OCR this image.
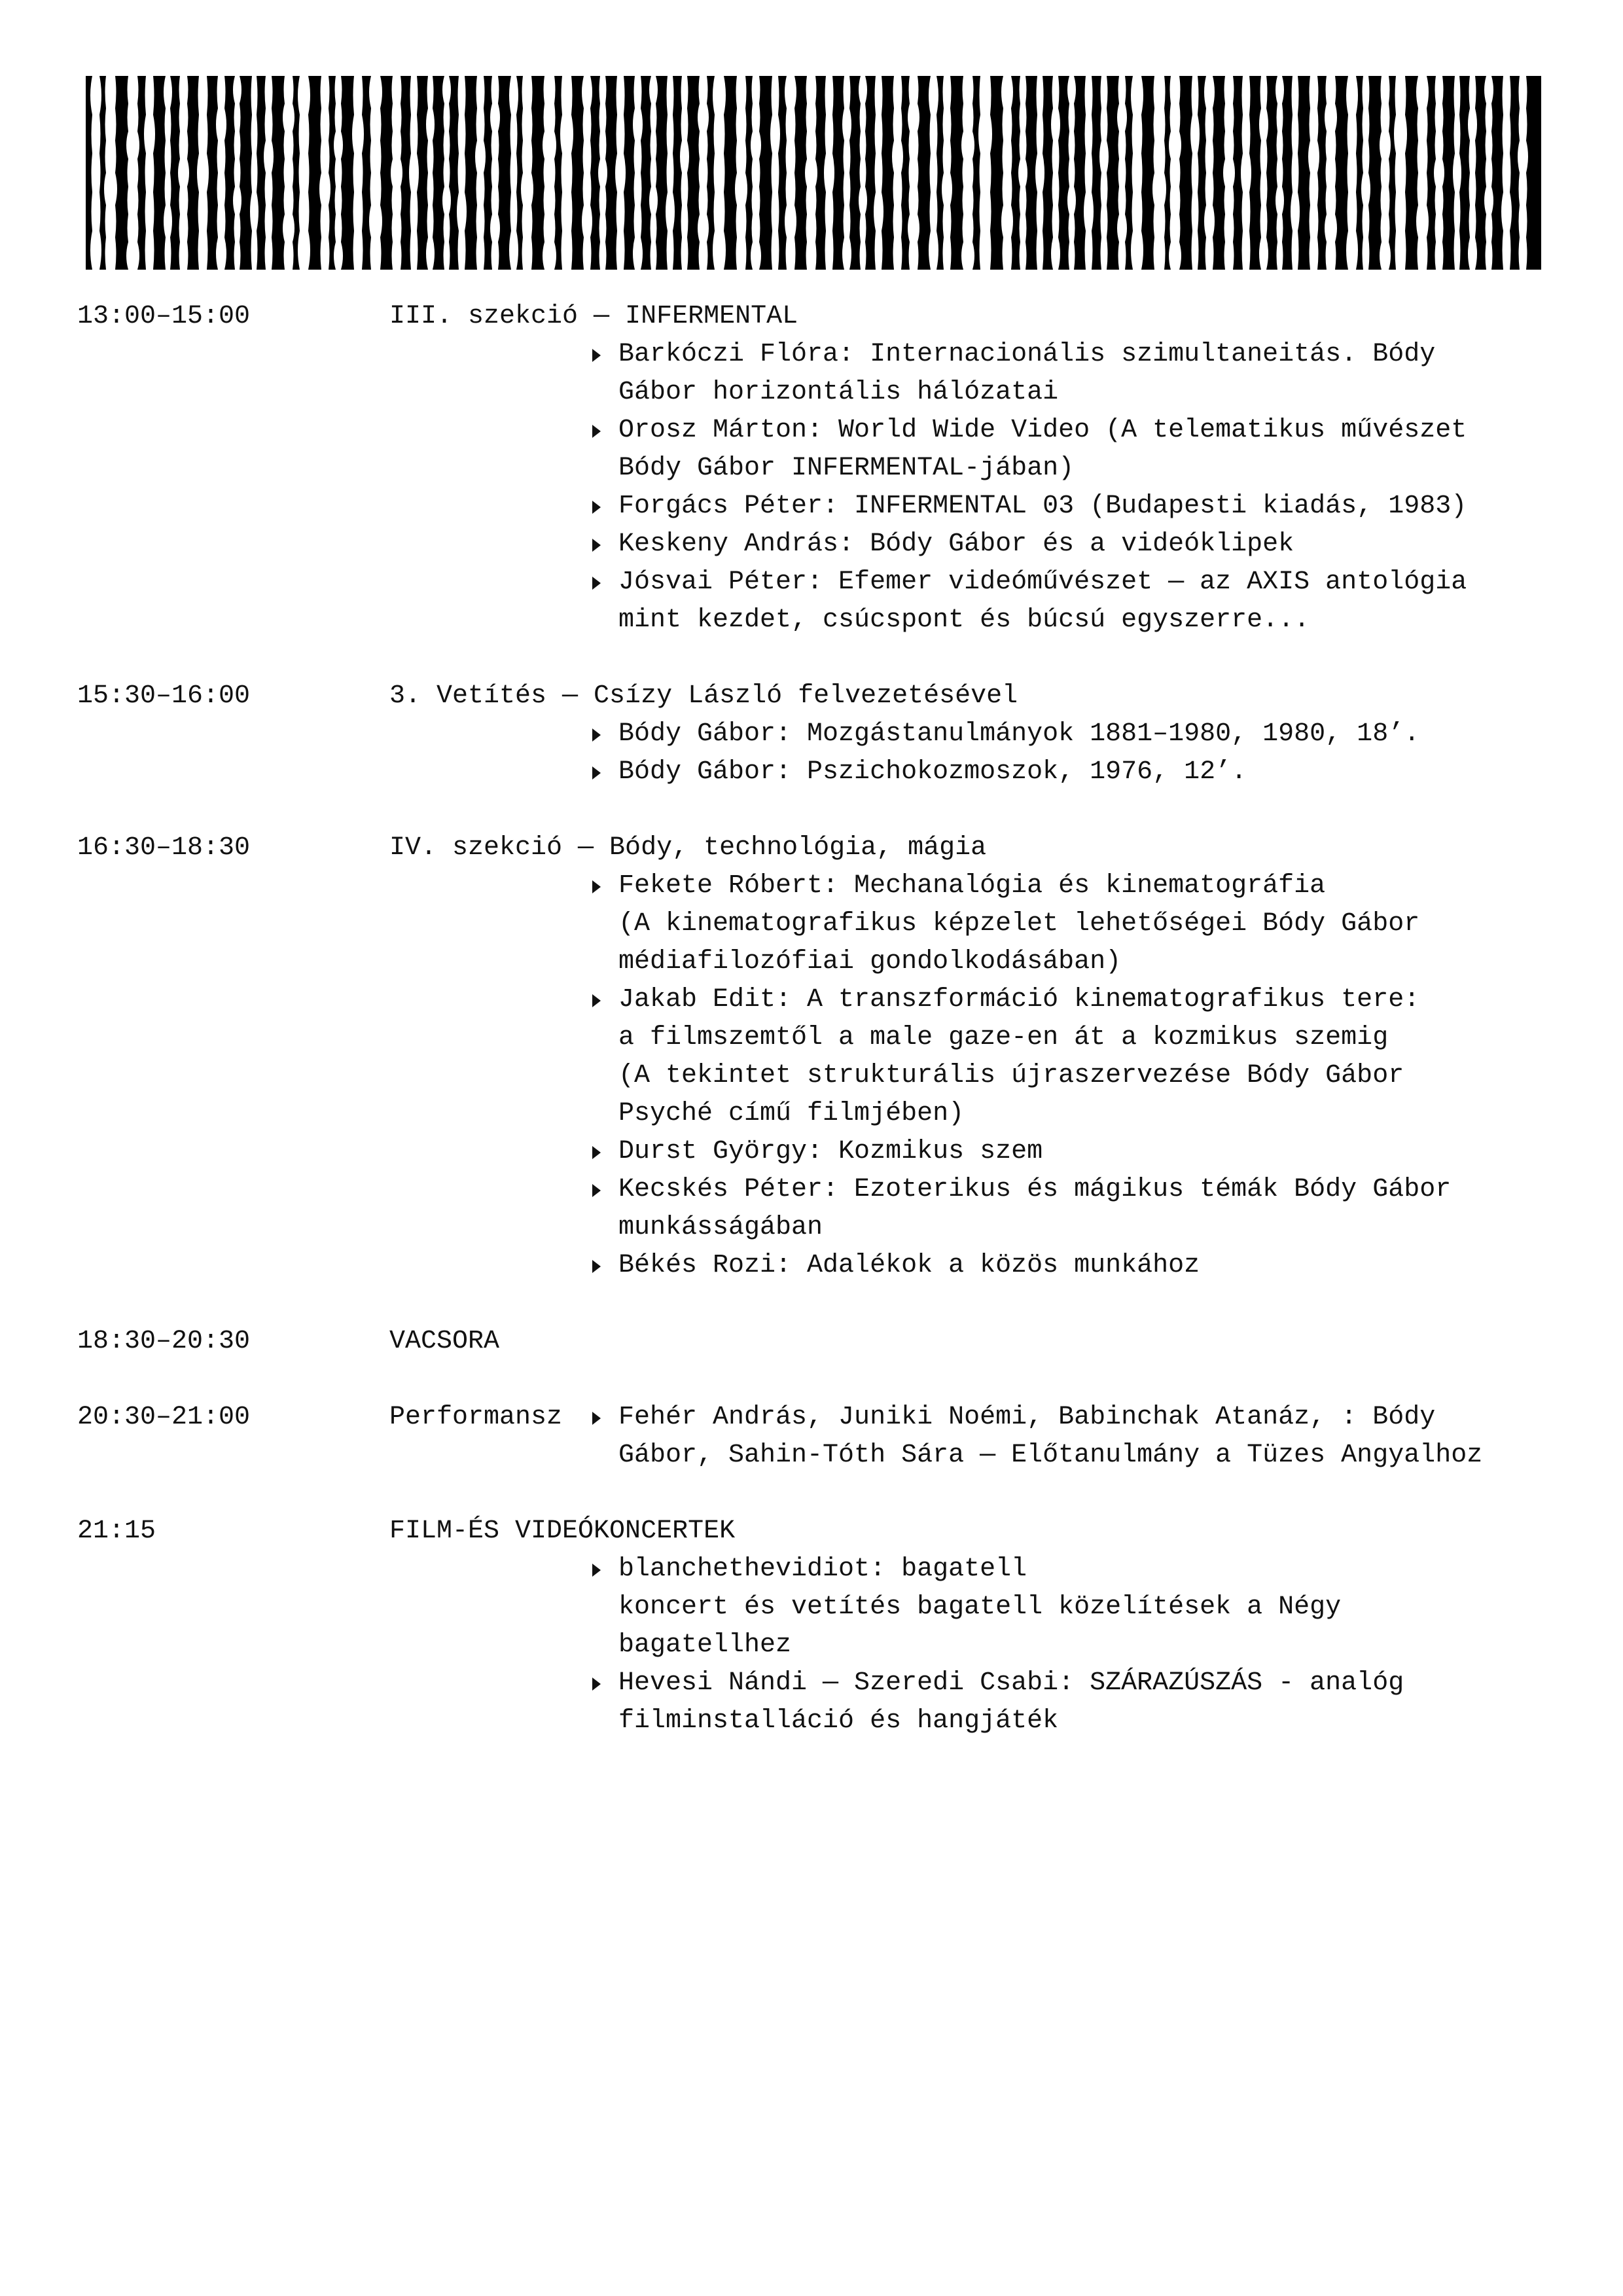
13:00–15:00	III. szekció — INFERMENTAL
Barkóczi Flóra: Internacionális szimultaneitás. Bódy
Gábor horizontális hálózatai
Orosz Márton: World Wide Video (A telematikus művészet
Bódy Gábor INFERMENTAL-jában)
Forgács Péter: INFERMENTAL 03 (Budapesti kiadás, 1983)
Keskeny András: Bódy Gábor és a videóklipek
Jósvai Péter: Efemer videóművészet — az AXIS antológia
mint kezdet, csúcspont és búcsú egyszerre...
15:30–16:00	3. Vetítés — Csízy László felvezetésével
Bódy Gábor: Mozgástanulmányok 1881–1980, 1980, 18’.
Bódy Gábor: Pszichokozmoszok, 1976, 12’.
16:30–18:30	IV. szekció — Bódy, technológia, mágia
Fekete Róbert: Mechanalógia és kinematográfia
(A kinematografikus képzelet lehetőségei Bódy Gábor
médiafilozófiai gondolkodásában)
Jakab Edit: A transzformáció kinematografikus tere:
a filmszemtől a male gaze-en át a kozmikus szemig
(A tekintet strukturális újraszervezése Bódy Gábor
Psyché című filmjében)
Durst György: Kozmikus szem
Kecskés Péter: Ezoterikus és mágikus témák Bódy Gábor
munkásságában
Békés Rozi: Adalékok a közös munkához
18:30–20:30	VACSORA
20:30–21:00	Performansz	Fehér András, Juniki Noémi, Babinchak Atanáz, : Bódy
Gábor, Sahin-Tóth Sára — Előtanulmány a Tüzes Angyalhoz
21:15	FILM-ÉS VIDEÓKONCERTEK
blanchethevidiot: bagatell
koncert és vetítés bagatell közelítések a Négy
bagatellhez
Hevesi Nándi — Szeredi Csabi: SZÁRAZÚSZÁS - analóg
filminstalláció és hangjáték
